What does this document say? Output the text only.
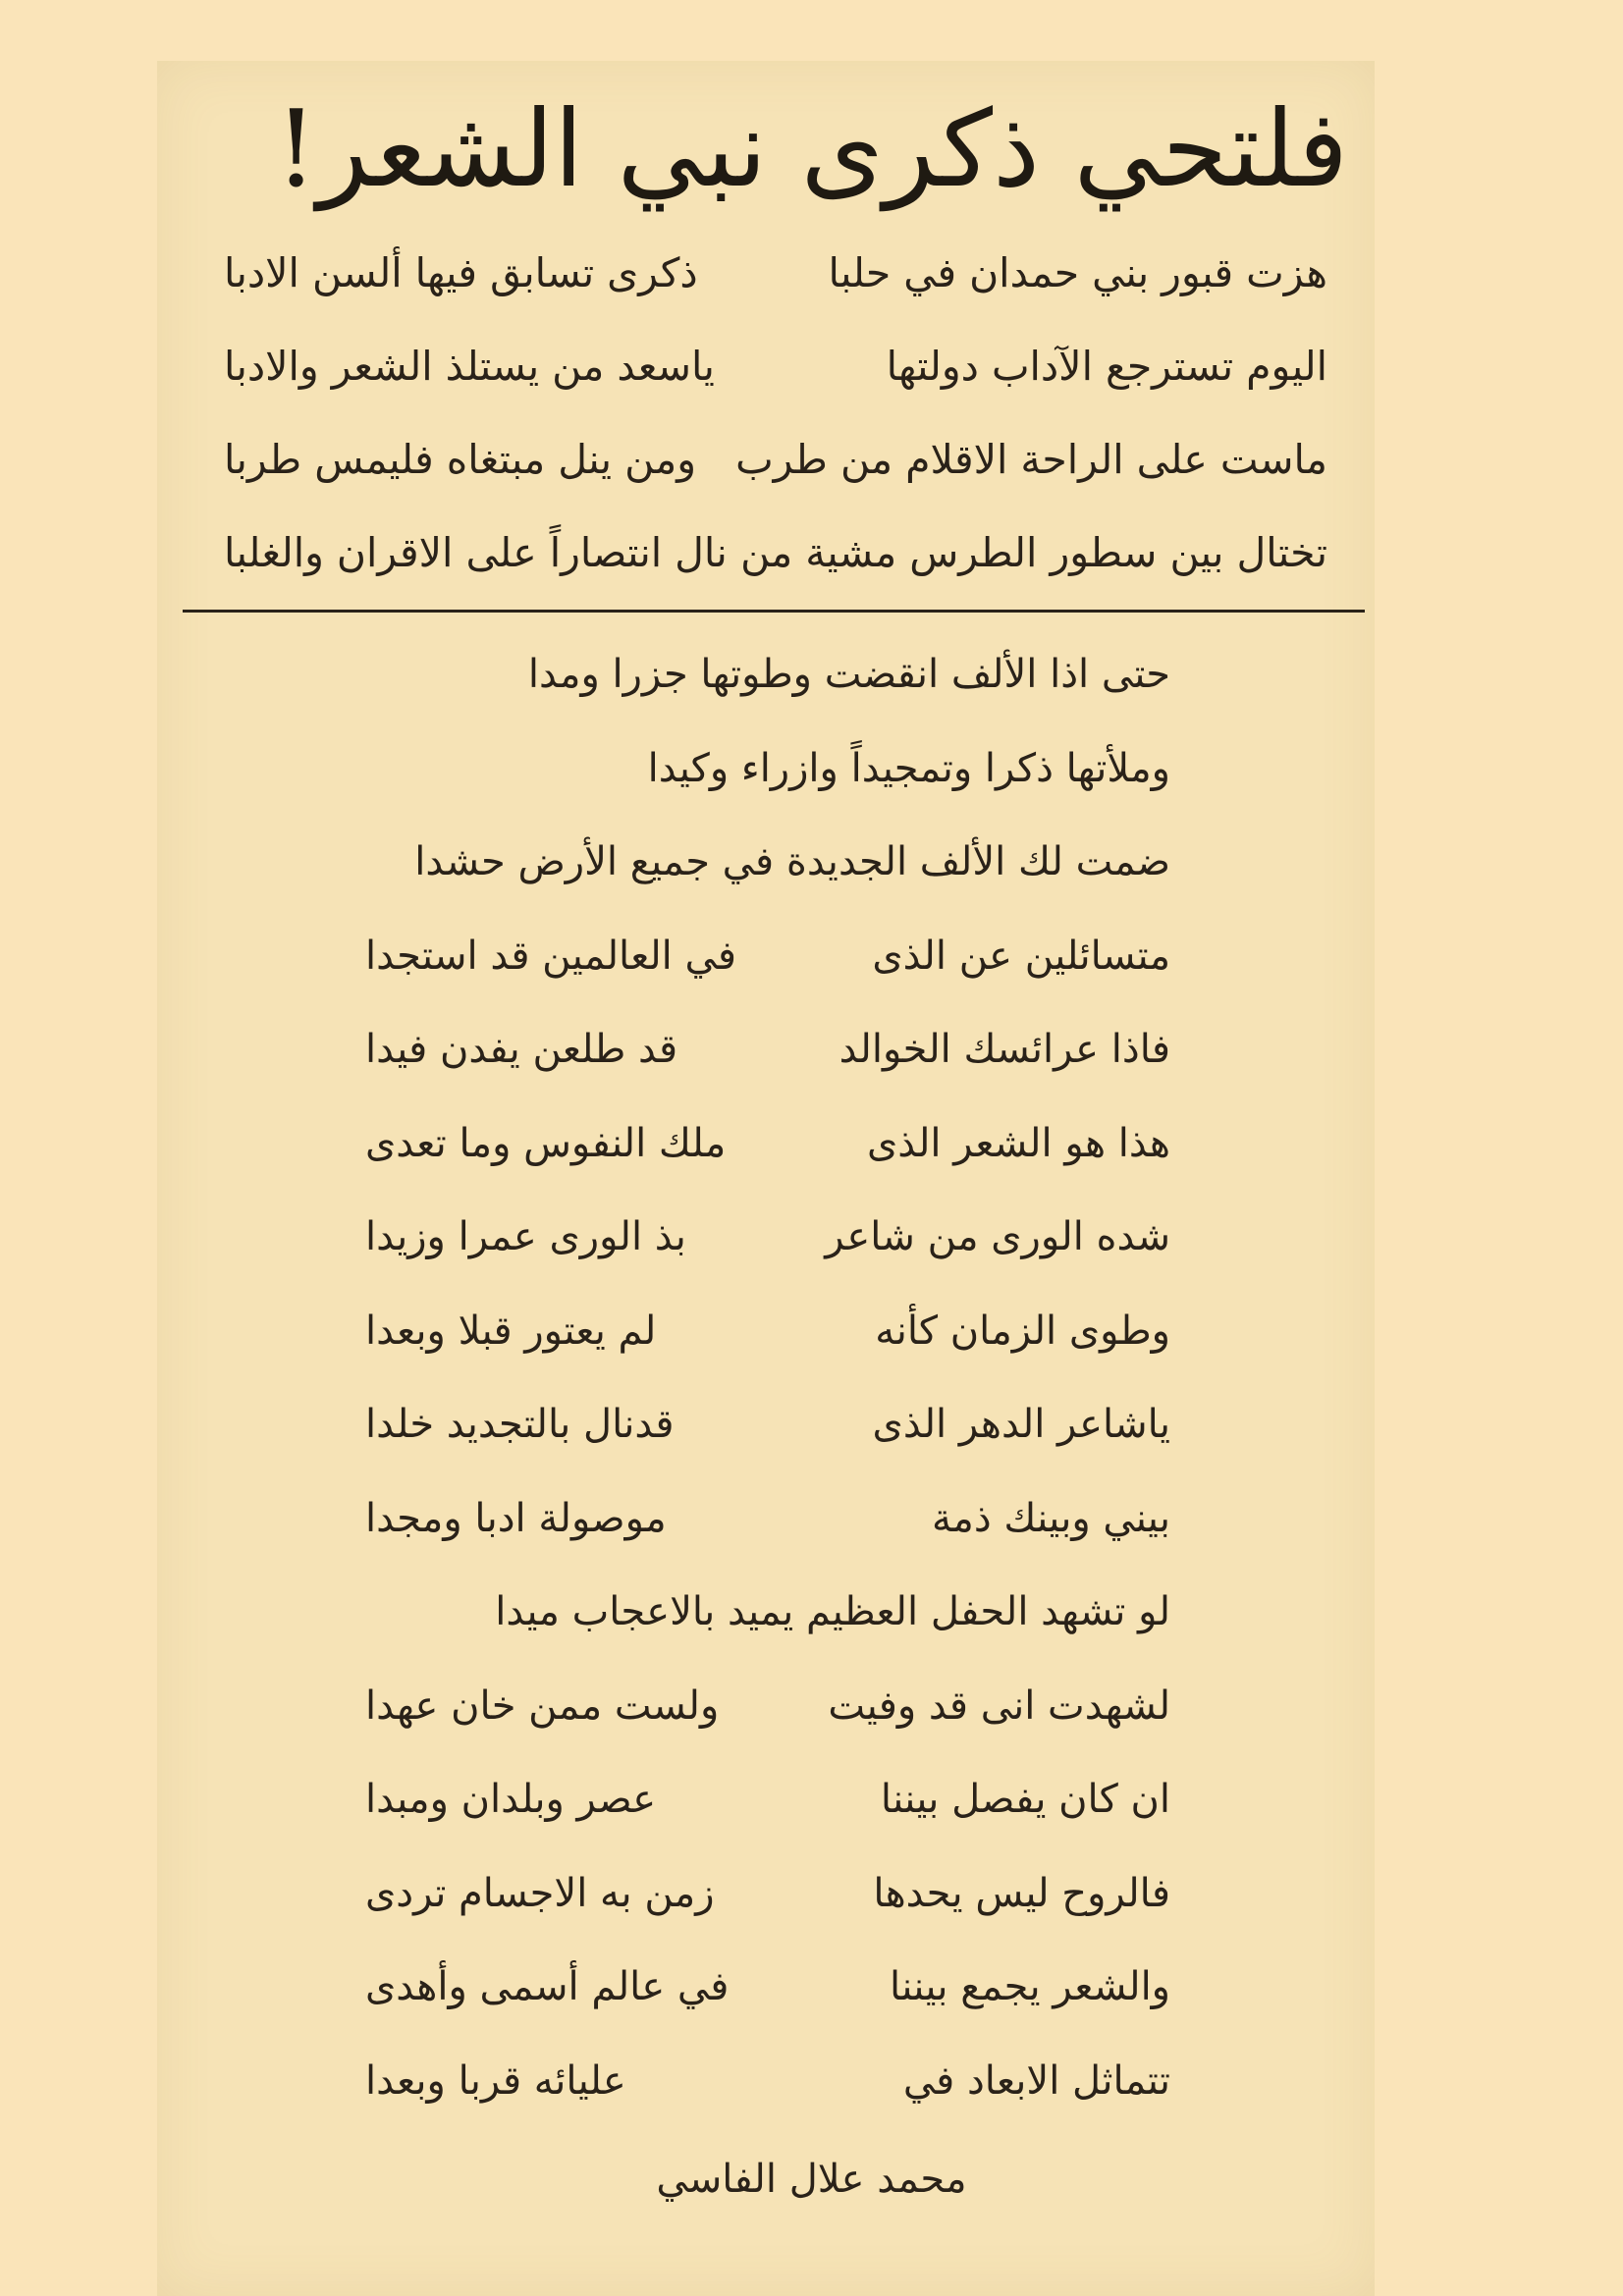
فلتحي ذكرى نبي الشعر!
هزت قبور بني حمدان في حلبا
ذكرى تسابق فيها ألسن الادبا
اليوم تسترجع الآداب دولتها
ياسعد من يستلذ الشعر والادبا
ماست على الراحة الاقلام من طرب
ومن ينل مبتغاه فليمس طربا
تختال بين سطور الطرس مشية من
نال انتصاراً على الاقران والغلبا
حتى اذا الألف انقضت وطوتها جزرا ومدا
وملأتها ذكرا وتمجيداً وازراء وكيدا
ضمت لك الألف الجديدة في جميع الأرض حشدا
متسائلين عن الذى
في العالمين قد استجدا
فاذا عرائسك الخوالد
قد طلعن يفدن فيدا
هذا هو الشعر الذى
ملك النفوس وما تعدى
شده الورى من شاعر
بذ الورى عمرا وزيدا
وطوى الزمان كأنه
لم يعتور قبلا وبعدا
ياشاعر الدهر الذى
قدنال بالتجديد خلدا
بيني وبينك ذمة
موصولة ادبا ومجدا
لو تشهد الحفل العظيم يميد بالاعجاب ميدا
لشهدت انى قد وفيت
ولست ممن خان عهدا
ان كان يفصل بيننا
عصر وبلدان ومبدا
فالروح ليس يحدها
زمن به الاجسام تردى
والشعر يجمع بيننا
في عالم أسمى وأهدى
تتماثل الابعاد في
عليائه قربا وبعدا
محمد علال الفاسي
